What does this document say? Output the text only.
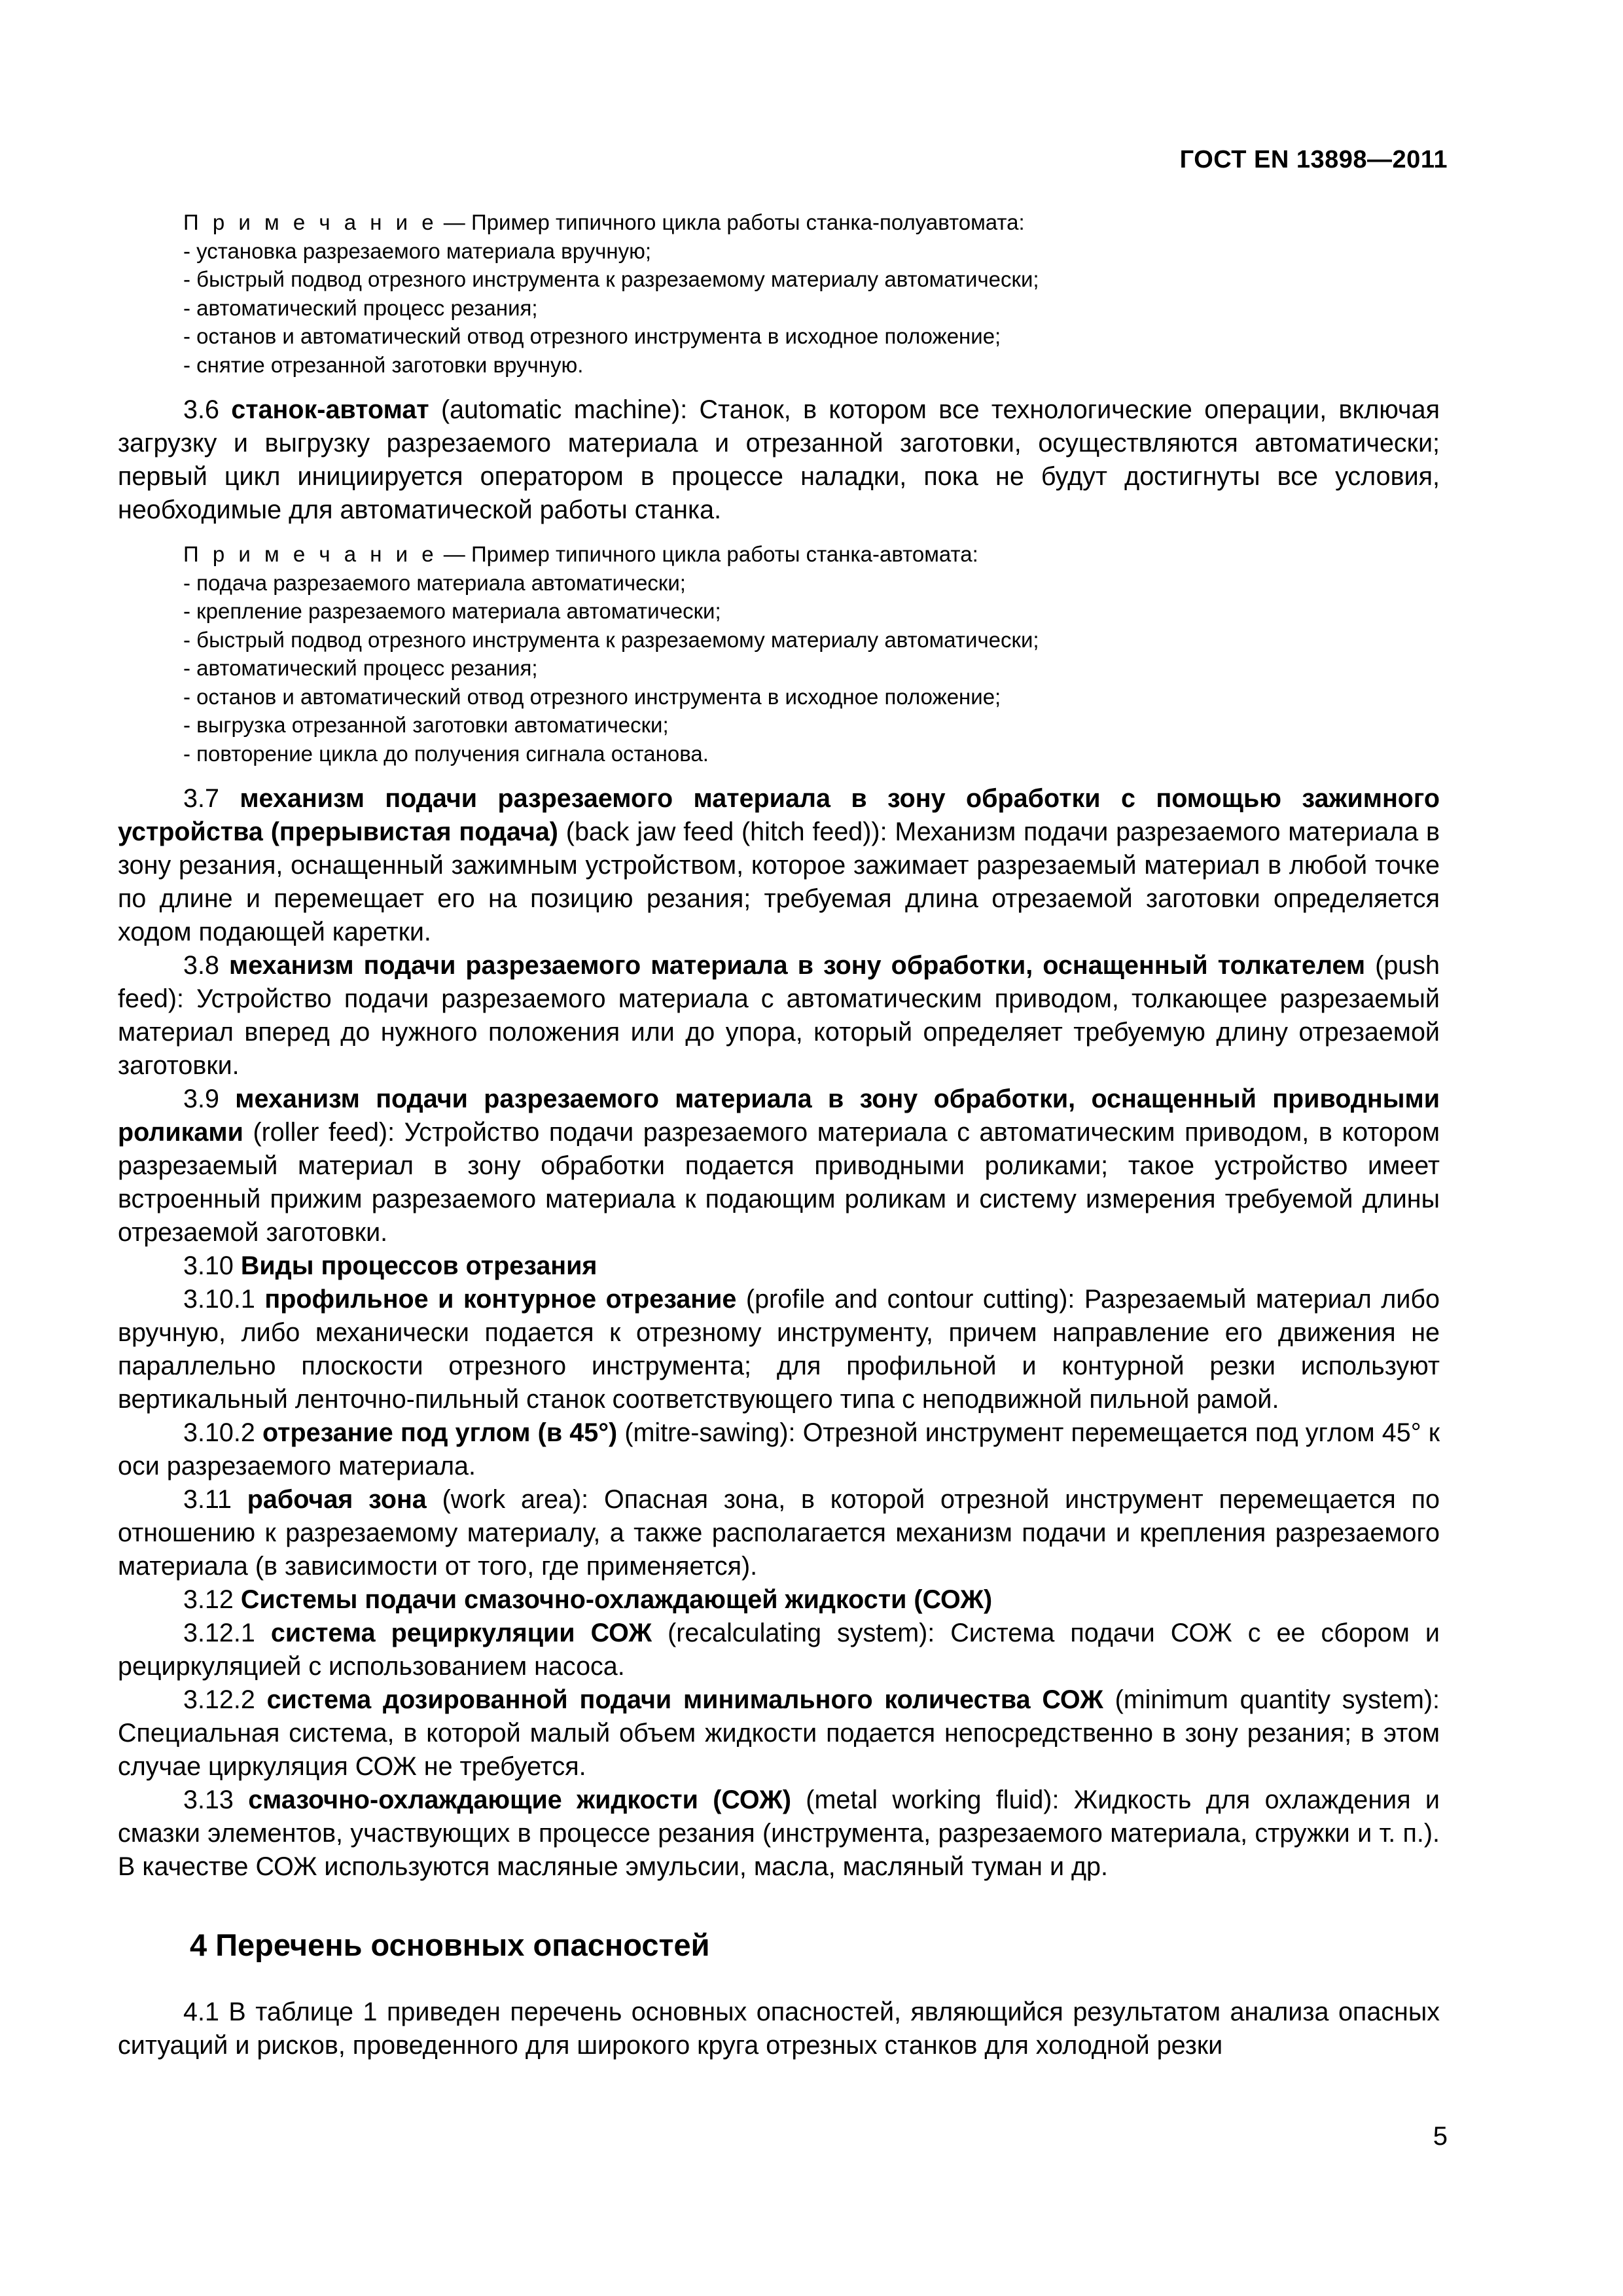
ГОСТ EN 13898—2011
П р и м е ч а н и е — Пример типичного цикла работы станка-полуавтомата:
- установка разрезаемого материала вручную;
- быстрый подвод отрезного инструмента к разрезаемому материалу автоматически;
- автоматический процесс резания;
- останов и автоматический отвод отрезного инструмента в исходное положение;
- снятие отрезанной заготовки вручную.

3.6 станок-автомат (automatic machine): Станок, в котором все технологические операции, включая загрузку и выгрузку разрезаемого материала и отрезанной заготовки, осуществляются автоматически; первый цикл инициируется оператором в процессе наладки, пока не будут достигнуты все условия, необходимые для автоматической работы станка.

П р и м е ч а н и е — Пример типичного цикла работы станка-автомата:
- подача разрезаемого материала автоматически;
- крепление разрезаемого материала автоматически;
- быстрый подвод отрезного инструмента к разрезаемому материалу автоматически;
- автоматический процесс резания;
- останов и автоматический отвод отрезного инструмента в исходное положение;
- выгрузка отрезанной заготовки автоматически;
- повторение цикла до получения сигнала останова.

3.7 механизм подачи разрезаемого материала в зону обработки с помощью зажимного устройства (прерывистая подача) (back jaw feed (hitch feed)): Механизм подачи разрезаемого материала в зону резания, оснащенный зажимным устройством, которое зажимает разрезаемый материал в любой точке по длине и перемещает его на позицию резания; требуемая длина отрезаемой заготовки определяется ходом подающей каретки.

3.8 механизм подачи разрезаемого материала в зону обработки, оснащенный толкателем (push feed): Устройство подачи разрезаемого материала с автоматическим приводом, толкающее разрезаемый материал вперед до нужного положения или до упора, который определяет требуемую длину отрезаемой заготовки.

3.9 механизм подачи разрезаемого материала в зону обработки, оснащенный приводными роликами (roller feed): Устройство подачи разрезаемого материала с автоматическим приводом, в котором разрезаемый материал в зону обработки подается приводными роликами; такое устройство имеет встроенный прижим разрезаемого материала к подающим роликам и систему измерения требуемой длины отрезаемой заготовки.

3.10 Виды процессов отрезания

3.10.1 профильное и контурное отрезание (profile and contour cutting): Разрезаемый материал либо вручную, либо механически подается к отрезному инструменту, причем направление его движения не параллельно плоскости отрезного инструмента; для профильной и контурной резки используют вертикальный ленточно-пильный станок соответствующего типа с неподвижной пильной рамой.

3.10.2 отрезание под углом (в 45°) (mitre-sawing): Отрезной инструмент перемещается под углом 45° к оси разрезаемого материала.

3.11 рабочая зона (work area): Опасная зона, в которой отрезной инструмент перемещается по отношению к разрезаемому материалу, а также располагается механизм подачи и крепления разрезаемого материала (в зависимости от того, где применяется).

3.12 Системы подачи смазочно-охлаждающей жидкости (СОЖ)

3.12.1 система рециркуляции СОЖ (recalculating system): Система подачи СОЖ с ее сбором и рециркуляцией с использованием насоса.

3.12.2 система дозированной подачи минимального количества СОЖ (minimum quantity system): Специальная система, в которой малый объем жидкости подается непосредственно в зону резания; в этом случае циркуляция СОЖ не требуется.

3.13 смазочно-охлаждающие жидкости (СОЖ) (metal working fluid): Жидкость для охлаждения и смазки элементов, участвующих в процессе резания (инструмента, разрезаемого материала, стружки и т. п.). В качестве СОЖ используются масляные эмульсии, масла, масляный туман и др.

4 Перечень основных опасностей

4.1 В таблице 1 приведен перечень основных опасностей, являющийся результатом анализа опасных ситуаций и рисков, проведенного для широкого круга отрезных станков для холодной резки

5
